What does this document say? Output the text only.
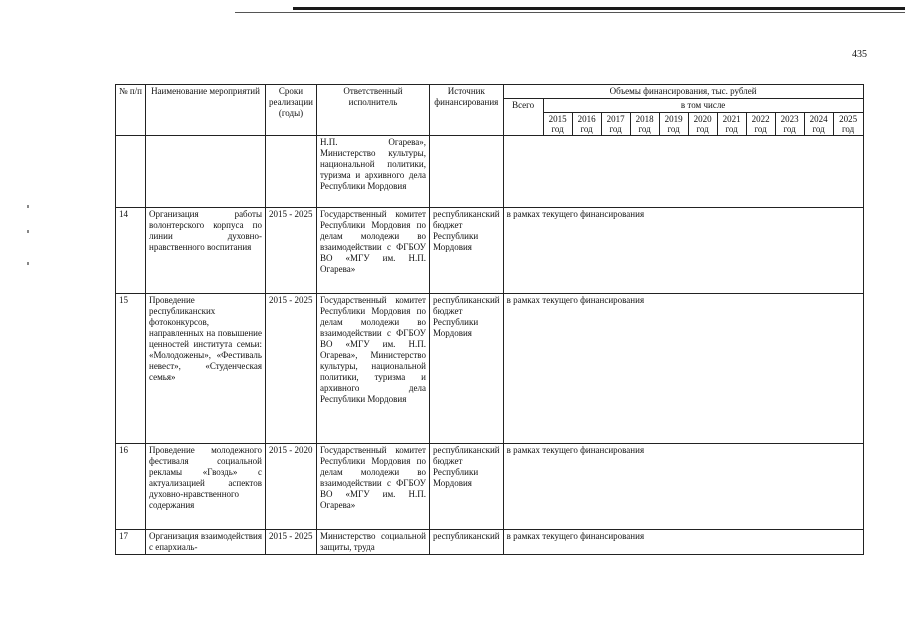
435
№ п/п	Наименование мероприятий	Сроки реализации (годы)	Ответственный исполнитель	Источник финансирования	Объемы финансирования, тыс. рублей											
					Всего	в том числе										
						2015 год	2016 год	2017 год	2018 год	2019 год	2020 год	2021 год	2022 год	2023 год	2024 год	2025 год
			Н.П. Огарева», Министерство культуры, национальной политики, туризма и архивного дела Республики Мордовия													
14	Организация работы волонтерского корпуса по линии духовно-нравственного воспитания	2015 - 2025	Государственный комитет Республики Мордовия по делам молодежи во взаимодействии с ФГБОУ ВО «МГУ им. Н.П. Огарева»	республиканский бюджет Республики Мордовия	в рамках текущего финансирования											
15	Проведение республиканских фотоконкурсов, направленных на повышение ценностей института семьи: «Молодожены», «Фестиваль невест», «Студенческая семья»	2015 - 2025	Государственный комитет Республики Мордовия по делам молодежи во взаимодействии с ФГБОУ ВО «МГУ им. Н.П. Огарева», Министерство культуры, национальной политики, туризма и архивного дела Республики Мордовия	республиканский бюджет Республики Мордовия	в рамках текущего финансирования											
16	Проведение молодежного фестиваля социальной рекламы «Гвоздь» с актуализацией аспектов духовно-нравственного содержания	2015 - 2020	Государственный комитет Республики Мордовия по делам молодежи во взаимодействии с ФГБОУ ВО «МГУ им. Н.П. Огарева»	республиканский бюджет Республики Мордовия	в рамках текущего финансирования											
17	Организация взаимодействия с епархиаль-	2015 - 2025	Министерство социальной защиты, труда	республиканский	в рамках текущего финансирования											
